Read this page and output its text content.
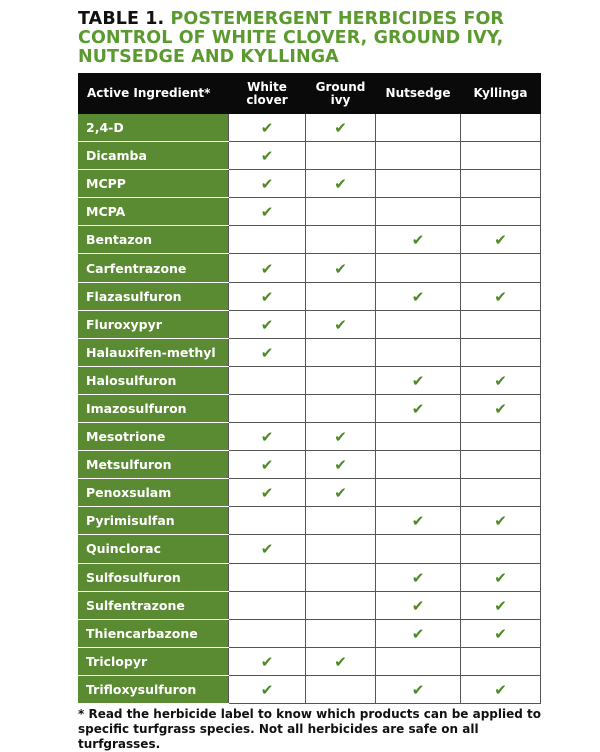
TABLE 1. POSTEMERGENT HERBICIDES FOR CONTROL OF WHITE CLOVER, GROUND IVY, NUTSEDGE AND KYLLINGA
Active Ingredient*	White clover	Ground ivy	Nutsedge	Kyllinga
2,4-D	✔	✔		
Dicamba	✔			
MCPP	✔	✔		
MCPA	✔			
Bentazon			✔	✔
Carfentrazone	✔	✔		
Flazasulfuron	✔		✔	✔
Fluroxypyr	✔	✔		
Halauxifen-methyl	✔			
Halosulfuron			✔	✔
Imazosulfuron			✔	✔
Mesotrione	✔	✔		
Metsulfuron	✔	✔		
Penoxsulam	✔	✔		
Pyrimisulfan			✔	✔
Quinclorac	✔			
Sulfosulfuron			✔	✔
Sulfentrazone			✔	✔
Thiencarbazone			✔	✔
Triclopyr	✔	✔		
Trifloxysulfuron	✔		✔	✔
* Read the herbicide label to know which products can be applied to specific turfgrass species. Not all herbicides are safe on all turfgrasses.
